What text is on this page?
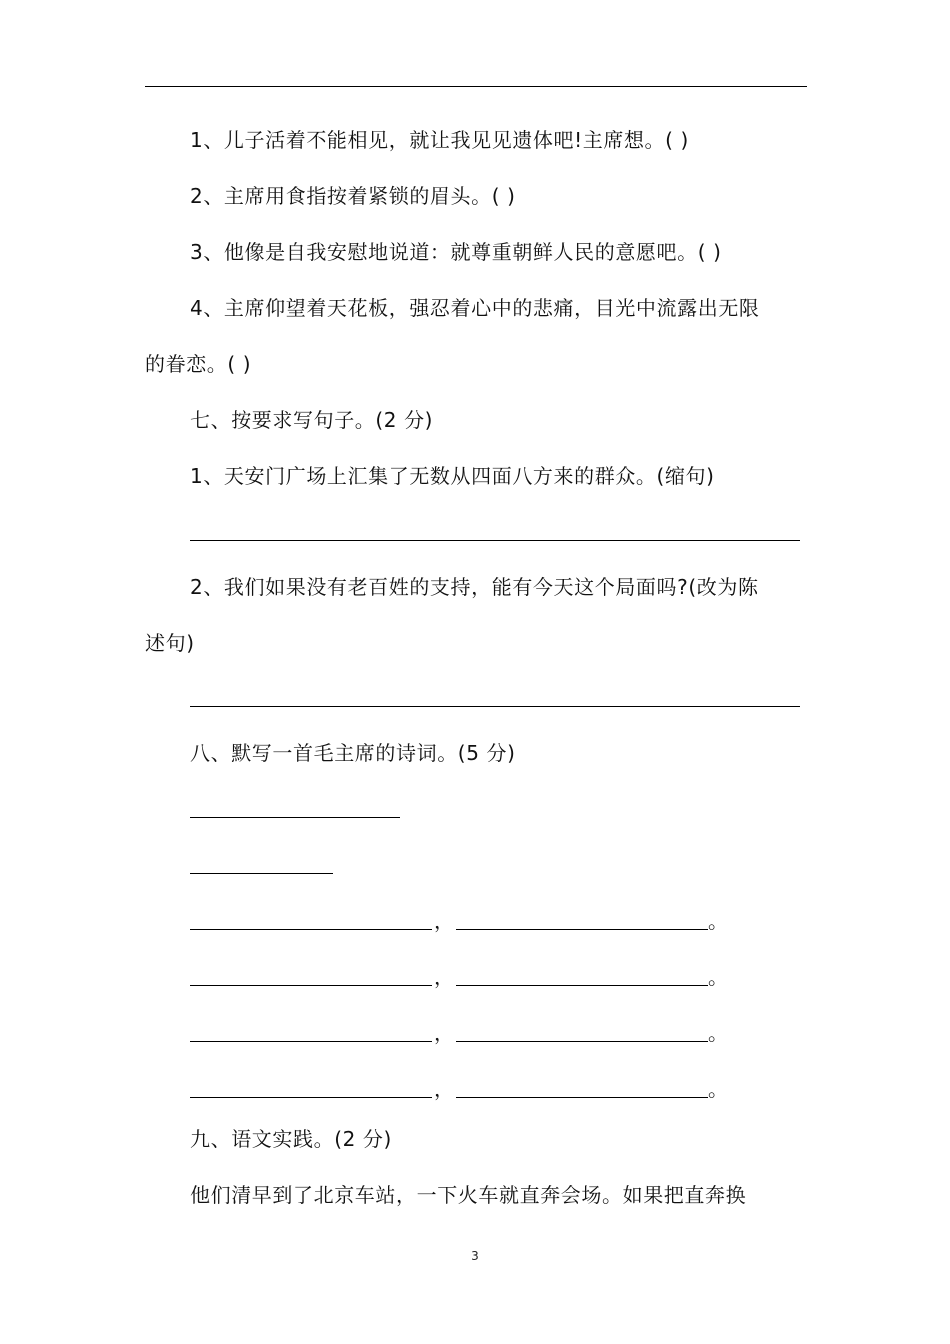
1、儿子活着不能相见，就让我见见遗体吧!主席想。( )
2、主席用食指按着紧锁的眉头。( )
3、他像是自我安慰地说道：就尊重朝鲜人民的意愿吧。( )
4、主席仰望着天花板，强忍着心中的悲痛，目光中流露出无限
的眷恋。( )
七、按要求写句子。(2 分)
1、天安门广场上汇集了无数从四面八方来的群众。(缩句)
2、我们如果没有老百姓的支持，能有今天这个局面吗?(改为陈
述句)
八、默写一首毛主席的诗词。(5 分)
，	。
，	。
，	。
，	。
九、语文实践。(2 分)
他们清早到了北京车站，一下火车就直奔会场。如果把直奔换
3
